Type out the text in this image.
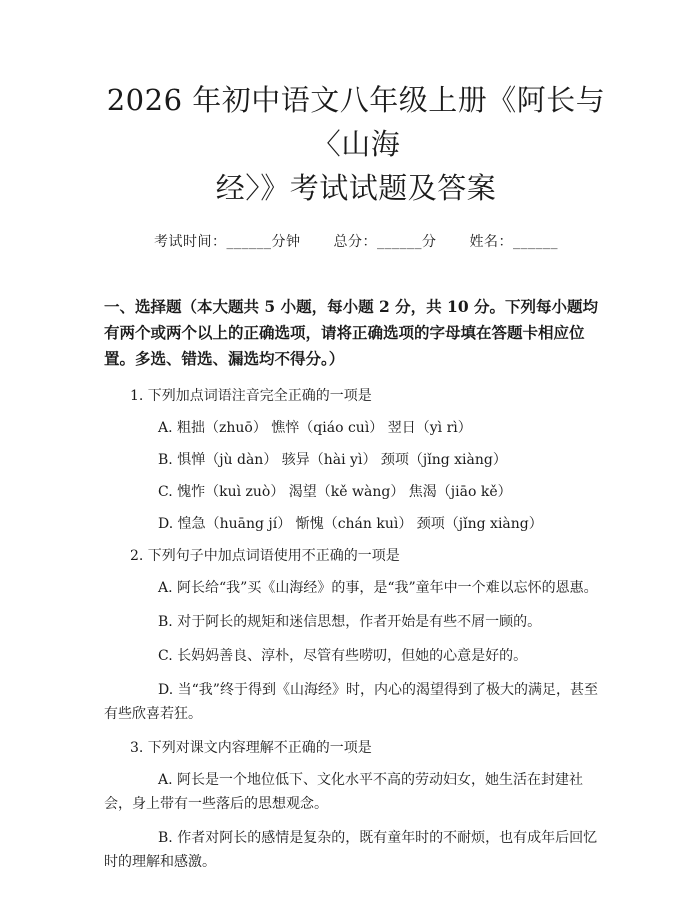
2026 年初中语文八年级上册《阿长与〈山海
经〉》考试试题及答案
考试时间：______分钟 总分：______分 姓名：______
一、选择题（本大题共 5 小题，每小题 2 分，共 10 分。下列每小题均有两个或两个以上的正确选项，请将正确选项的字母填在答题卡相应位置。多选、错选、漏选均不得分。）
1. 下列加点词语注音完全正确的一项是
A. 粗拙（zhuō） 憔悴（qiáo cuì） 翌日（yì rì）
B. 惧惮（jù dàn） 骇异（hài yì） 颈项（jǐng xiàng）
C. 愧怍（kuì zuò） 渴望（kě wàng） 焦渴（jiāo kě）
D. 惶急（huāng jí） 惭愧（chán kuì） 颈项（jǐng xiàng）
2. 下列句子中加点词语使用不正确的一项是
A. 阿长给“我”买《山海经》的事，是“我”童年中一个难以忘怀的恩惠。
B. 对于阿长的规矩和迷信思想，作者开始是有些不屑一顾的。
C. 长妈妈善良、淳朴，尽管有些唠叨，但她的心意是好的。
D. 当“我”终于得到《山海经》时，内心的渴望得到了极大的满足，甚至有些欣喜若狂。
3. 下列对课文内容理解不正确的一项是
A. 阿长是一个地位低下、文化水平不高的劳动妇女，她生活在封建社会，身上带有一些落后的思想观念。
B. 作者对阿长的感情是复杂的，既有童年时的不耐烦，也有成年后回忆时的理解和感激。
